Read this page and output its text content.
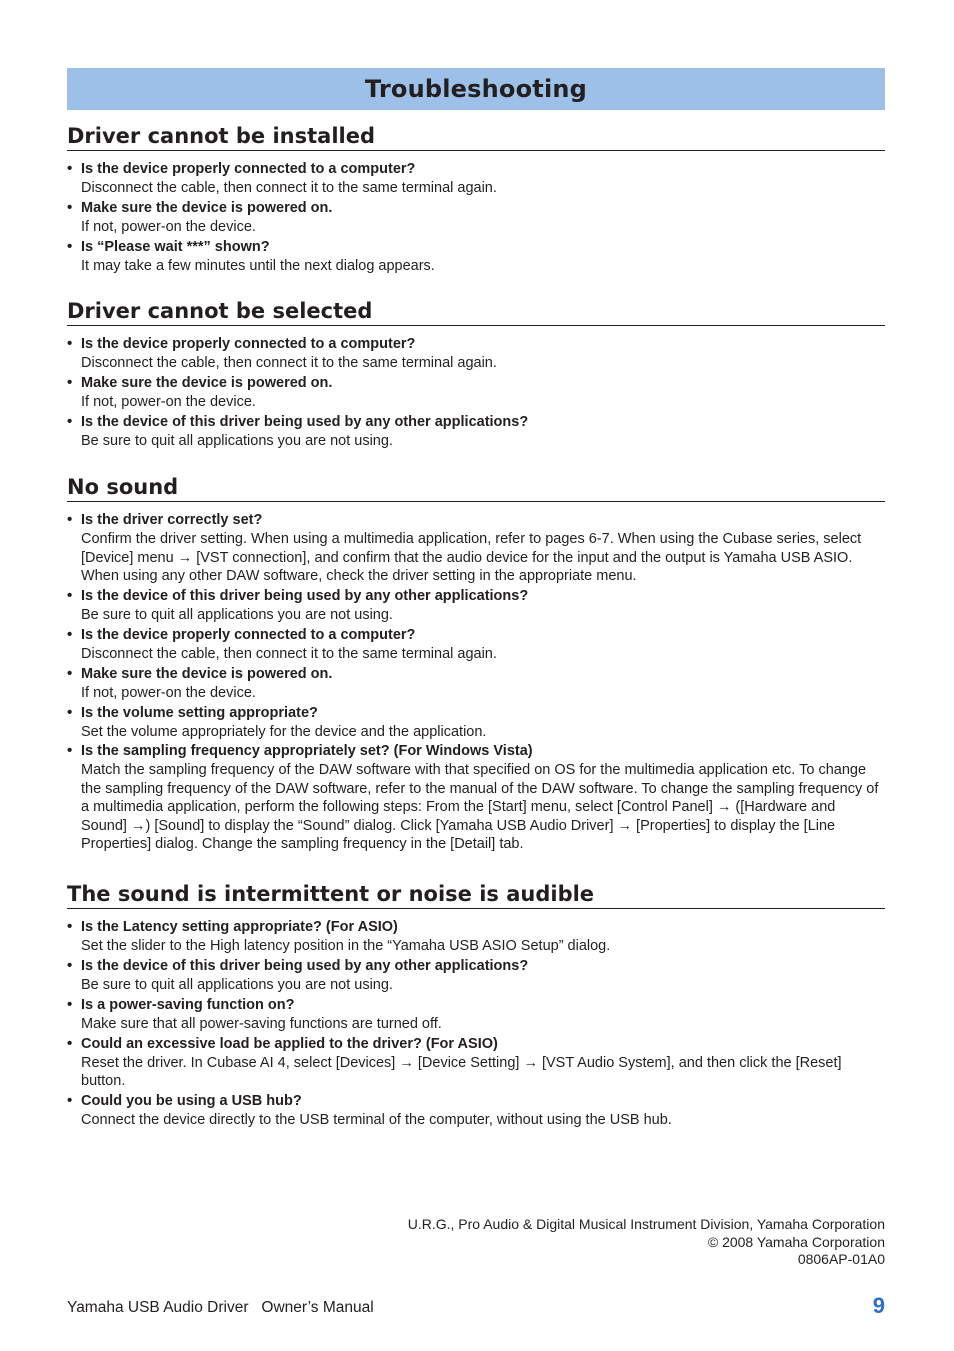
Troubleshooting
Driver cannot be installed
• Is the device properly connected to a computer?
Disconnect the cable, then connect it to the same terminal again.
• Make sure the device is powered on.
If not, power-on the device.
• Is “Please wait ***” shown?
It may take a few minutes until the next dialog appears.
Driver cannot be selected
• Is the device properly connected to a computer?
Disconnect the cable, then connect it to the same terminal again.
• Make sure the device is powered on.
If not, power-on the device.
• Is the device of this driver being used by any other applications?
Be sure to quit all applications you are not using.
No sound
• Is the driver correctly set?
Confirm the driver setting. When using a multimedia application, refer to pages 6-7. When using the Cubase series, select [Device] menu → [VST connection], and confirm that the audio device for the input and the output is Yamaha USB ASIO. When using any other DAW software, check the driver setting in the appropriate menu.
• Is the device of this driver being used by any other applications?
Be sure to quit all applications you are not using.
• Is the device properly connected to a computer?
Disconnect the cable, then connect it to the same terminal again.
• Make sure the device is powered on.
If not, power-on the device.
• Is the volume setting appropriate?
Set the volume appropriately for the device and the application.
• Is the sampling frequency appropriately set? (For Windows Vista)
Match the sampling frequency of the DAW software with that specified on OS for the multimedia application etc. To change the sampling frequency of the DAW software, refer to the manual of the DAW software. To change the sampling frequency of a multimedia application, perform the following steps: From the [Start] menu, select [Control Panel] → ([Hardware and Sound] →) [Sound] to display the “Sound” dialog. Click [Yamaha USB Audio Driver] → [Properties] to display the [Line Properties] dialog. Change the sampling frequency in the [Detail] tab.
The sound is intermittent or noise is audible
• Is the Latency setting appropriate? (For ASIO)
Set the slider to the High latency position in the “Yamaha USB ASIO Setup” dialog.
• Is the device of this driver being used by any other applications?
Be sure to quit all applications you are not using.
• Is a power-saving function on?
Make sure that all power-saving functions are turned off.
• Could an excessive load be applied to the driver? (For ASIO)
Reset the driver. In Cubase AI 4, select [Devices] → [Device Setting] → [VST Audio System], and then click the [Reset] button.
• Could you be using a USB hub?
Connect the device directly to the USB terminal of the computer, without using the USB hub.
U.R.G., Pro Audio & Digital Musical Instrument Division, Yamaha Corporation
© 2008 Yamaha Corporation
0806AP-01A0
Yamaha USB Audio Driver   Owner’s Manual	9
